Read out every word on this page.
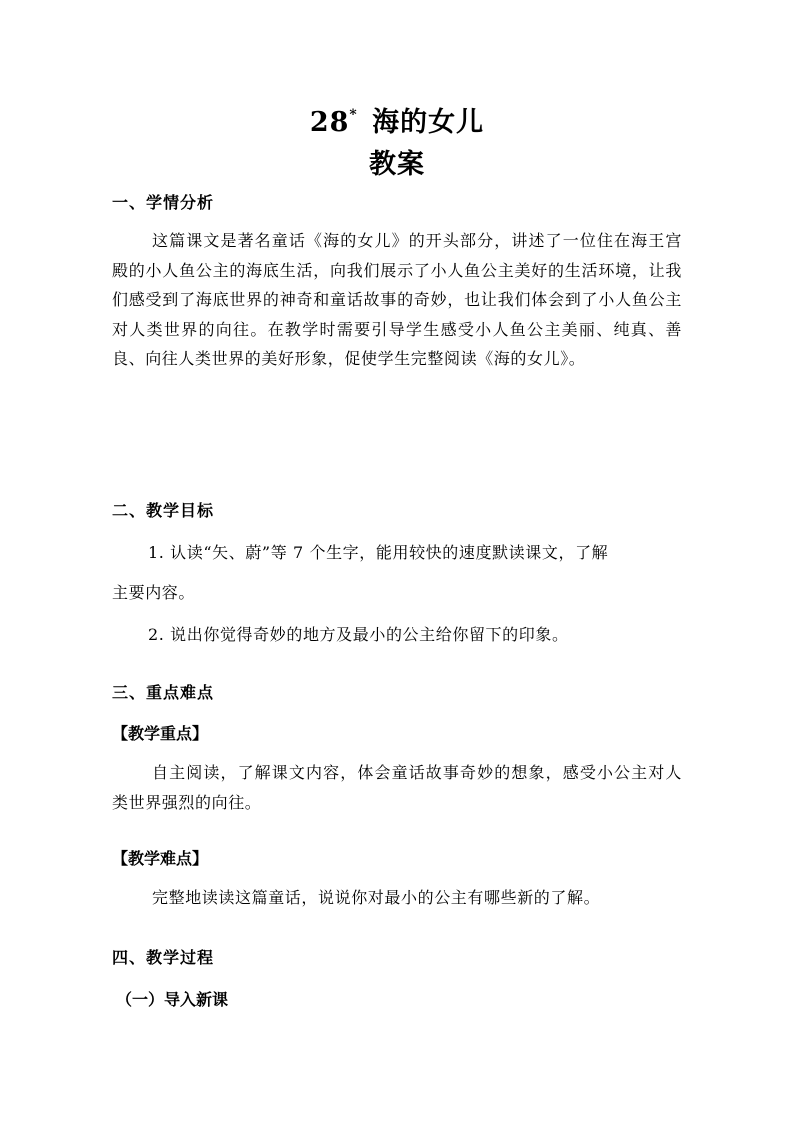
28* 海的女儿
教案
一、学情分析
这篇课文是著名童话《海的女儿》的开头部分，讲述了一位住在海王宫殿的小人鱼公主的海底生活，向我们展示了小人鱼公主美好的生活环境，让我们感受到了海底世界的神奇和童话故事的奇妙，也让我们体会到了小人鱼公主对人类世界的向往。在教学时需要引导学生感受小人鱼公主美丽、纯真、善良、向往人类世界的美好形象，促使学生完整阅读《海的女儿》。
二、教学目标
1. 认读“矢、蔚”等 7 个生字，能用较快的速度默读课文，了解
主要内容。
2. 说出你觉得奇妙的地方及最小的公主给你留下的印象。
三、重点难点
【教学重点】
自主阅读，了解课文内容，体会童话故事奇妙的想象，感受小公主对人类世界强烈的向往。
【教学难点】
完整地读读这篇童话，说说你对最小的公主有哪些新的了解。
四、教学过程
（一）导入新课
